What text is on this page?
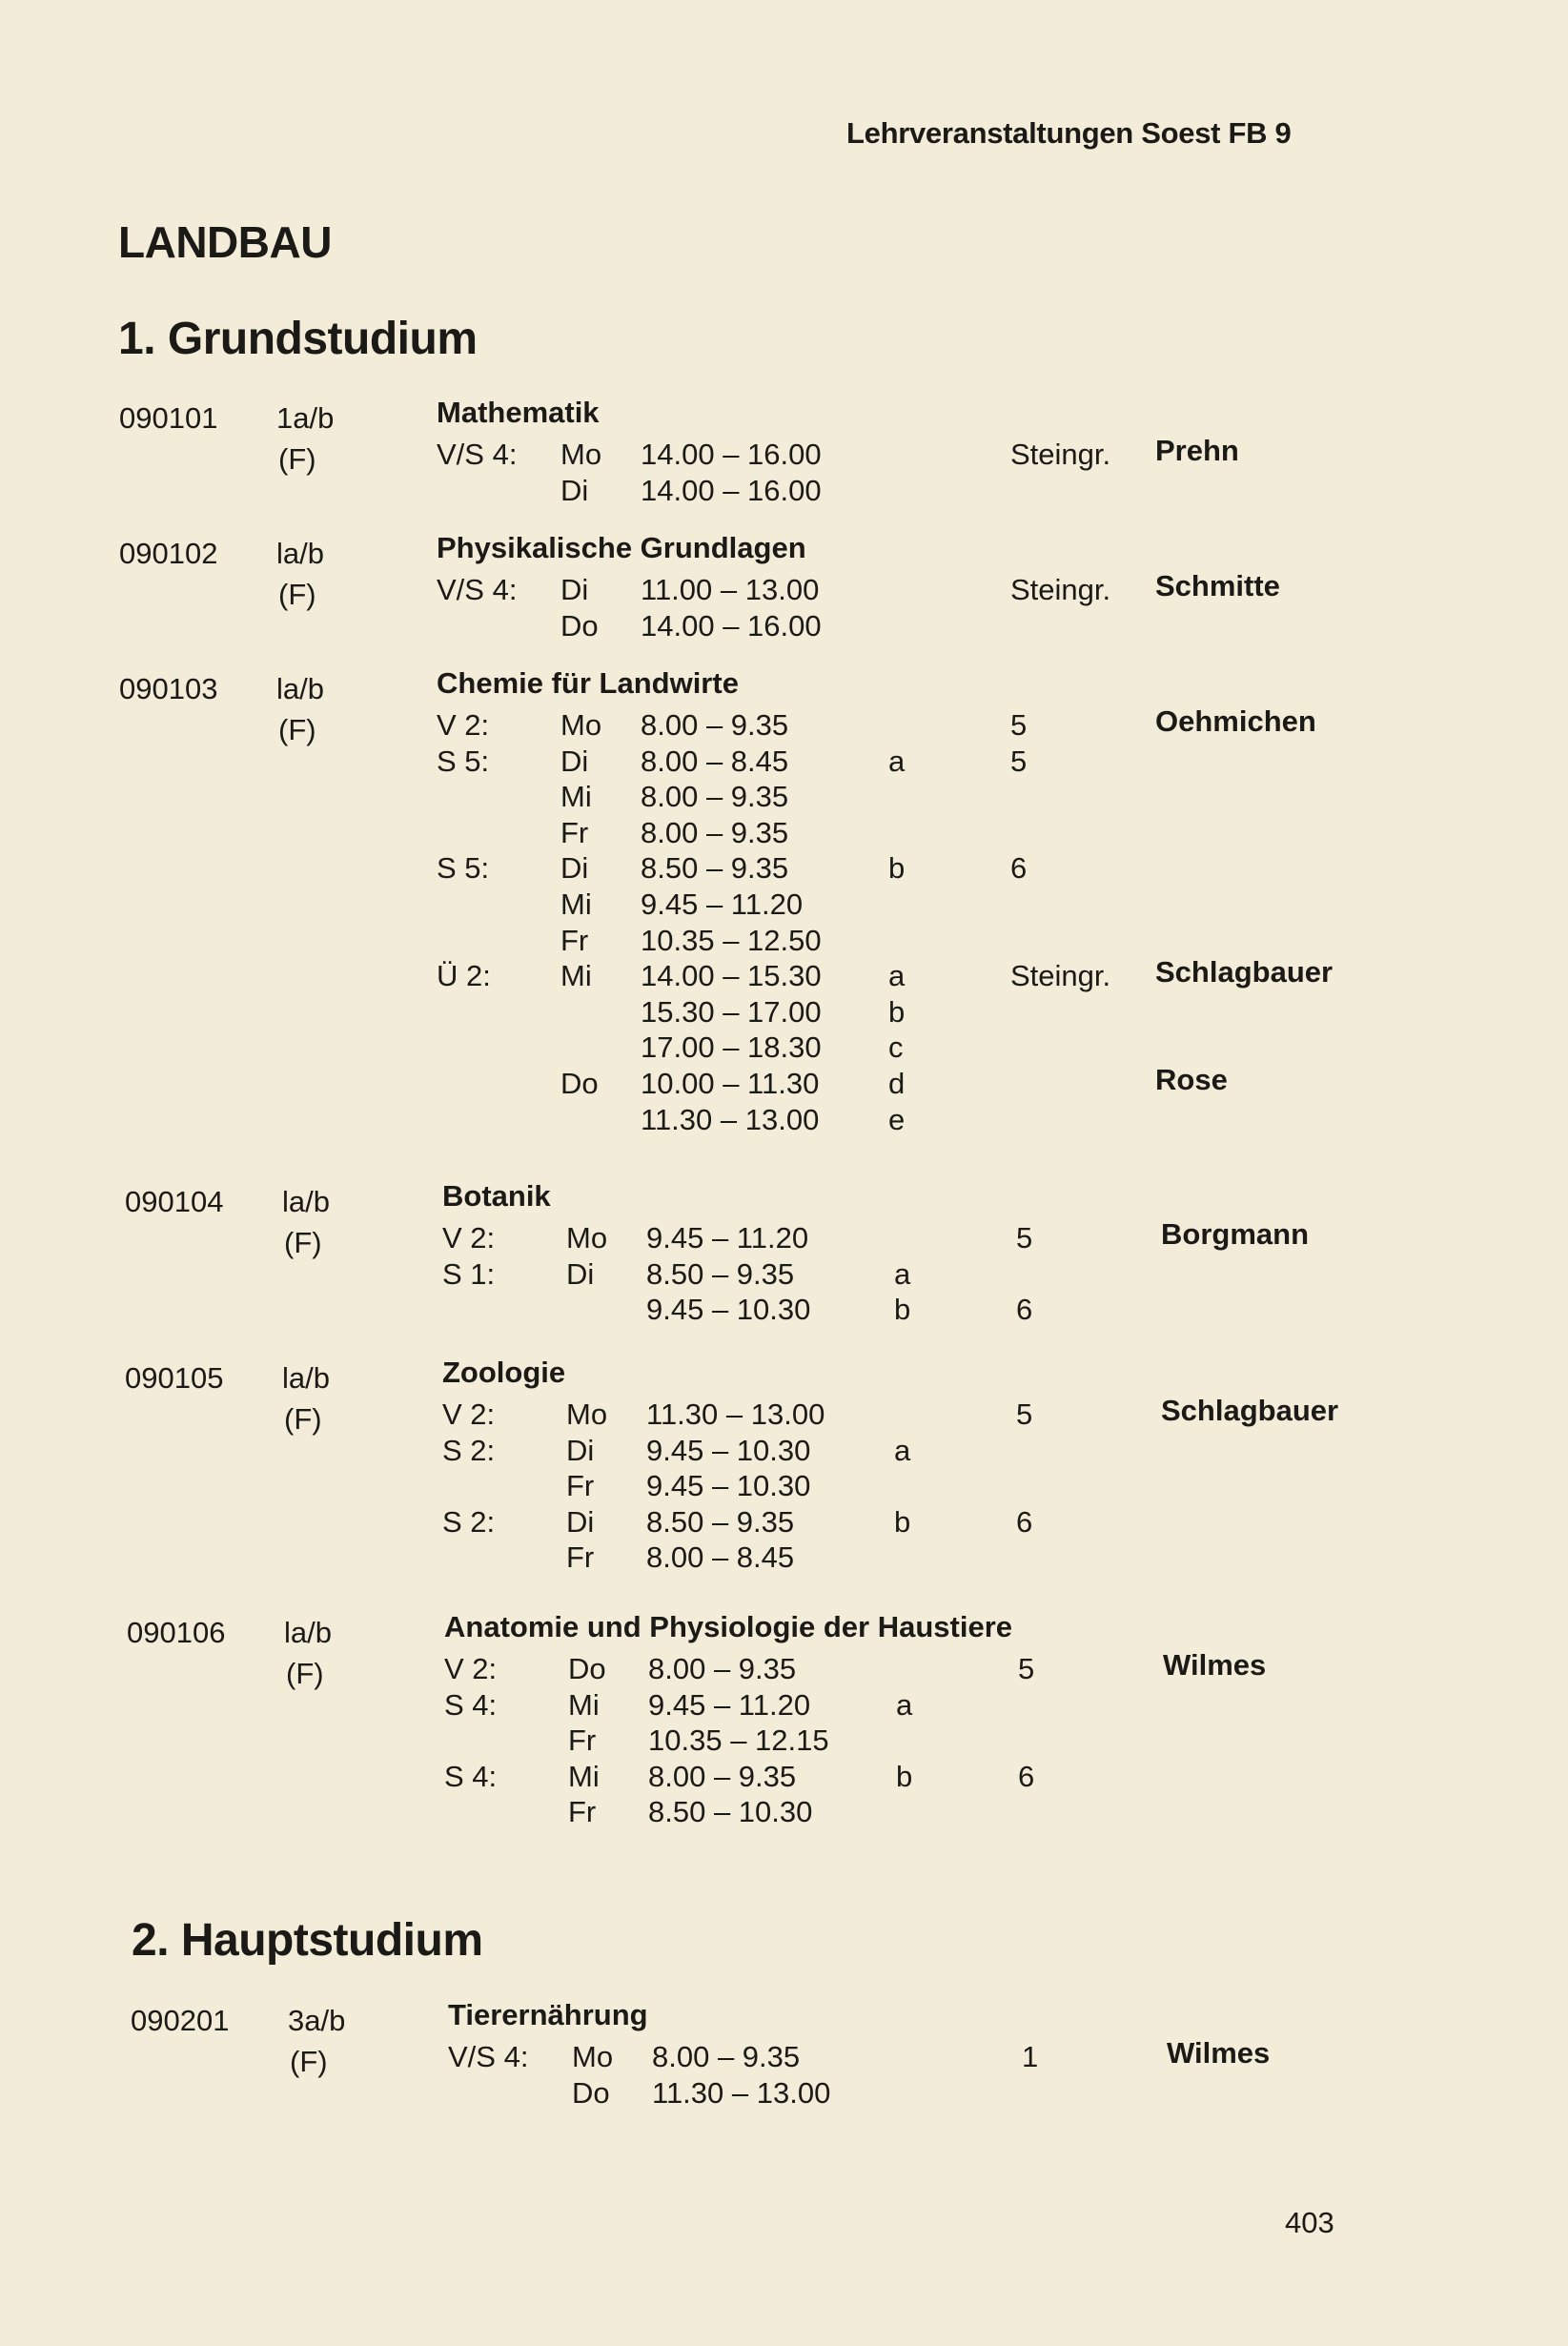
Lehrveranstaltungen Soest FB 9
LANDBAU
1. Grundstudium
090101 1a/b	Mathematik
(F)	V/S 4: Mo 14.00 – 16.00	Steingr. Prehn
Di 14.00 – 16.00
090102 la/b	Physikalische Grundlagen
(F)	V/S 4: Di 11.00 – 13.00	Steingr. Schmitte
Do 14.00 – 16.00
090103 la/b	Chemie für Landwirte
(F)	V 2: Mo 8.00 – 9.35	5	Oehmichen
S 5: Di 8.00 – 8.45	a	5
Mi 8.00 – 9.35
Fr 8.00 – 9.35
S 5: Di 8.50 – 9.35	b	6
Mi 9.45 – 11.20
Fr 10.35 – 12.50
Ü 2: Mi 14.00 – 15.30 a	Steingr. Schlagbauer
15.30 – 17.00 b
17.00 – 18.30 c
Do 10.00 – 11.30 d	Rose
11.30 – 13.00 e
090104 la/b	Botanik
(F)	V 2: Mo 9.45 – 11.20	5	Borgmann
S 1: Di 8.50 – 9.35	a
9.45 – 10.30	b	6
090105 la/b	Zoologie
(F)	V 2: Mo 11.30 – 13.00	5	Schlagbauer
S 2: Di 9.45 – 10.30	a
Fr 9.45 – 10.30
S 2: Di 8.50 – 9.35	b	6
Fr 8.00 – 8.45
090106 la/b	Anatomie und Physiologie der Haustiere
(F)	V 2: Do 8.00 – 9.35	5	Wilmes
S 4: Mi 9.45 – 11.20	a
Fr 10.35 – 12.15
S 4: Mi 8.00 – 9.35	b	6
Fr 8.50 – 10.30
2. Hauptstudium
090201 3a/b	Tierernährung
(F)	V/S 4: Mo 8.00 – 9.35	1	Wilmes
Do 11.30 – 13.00
403
